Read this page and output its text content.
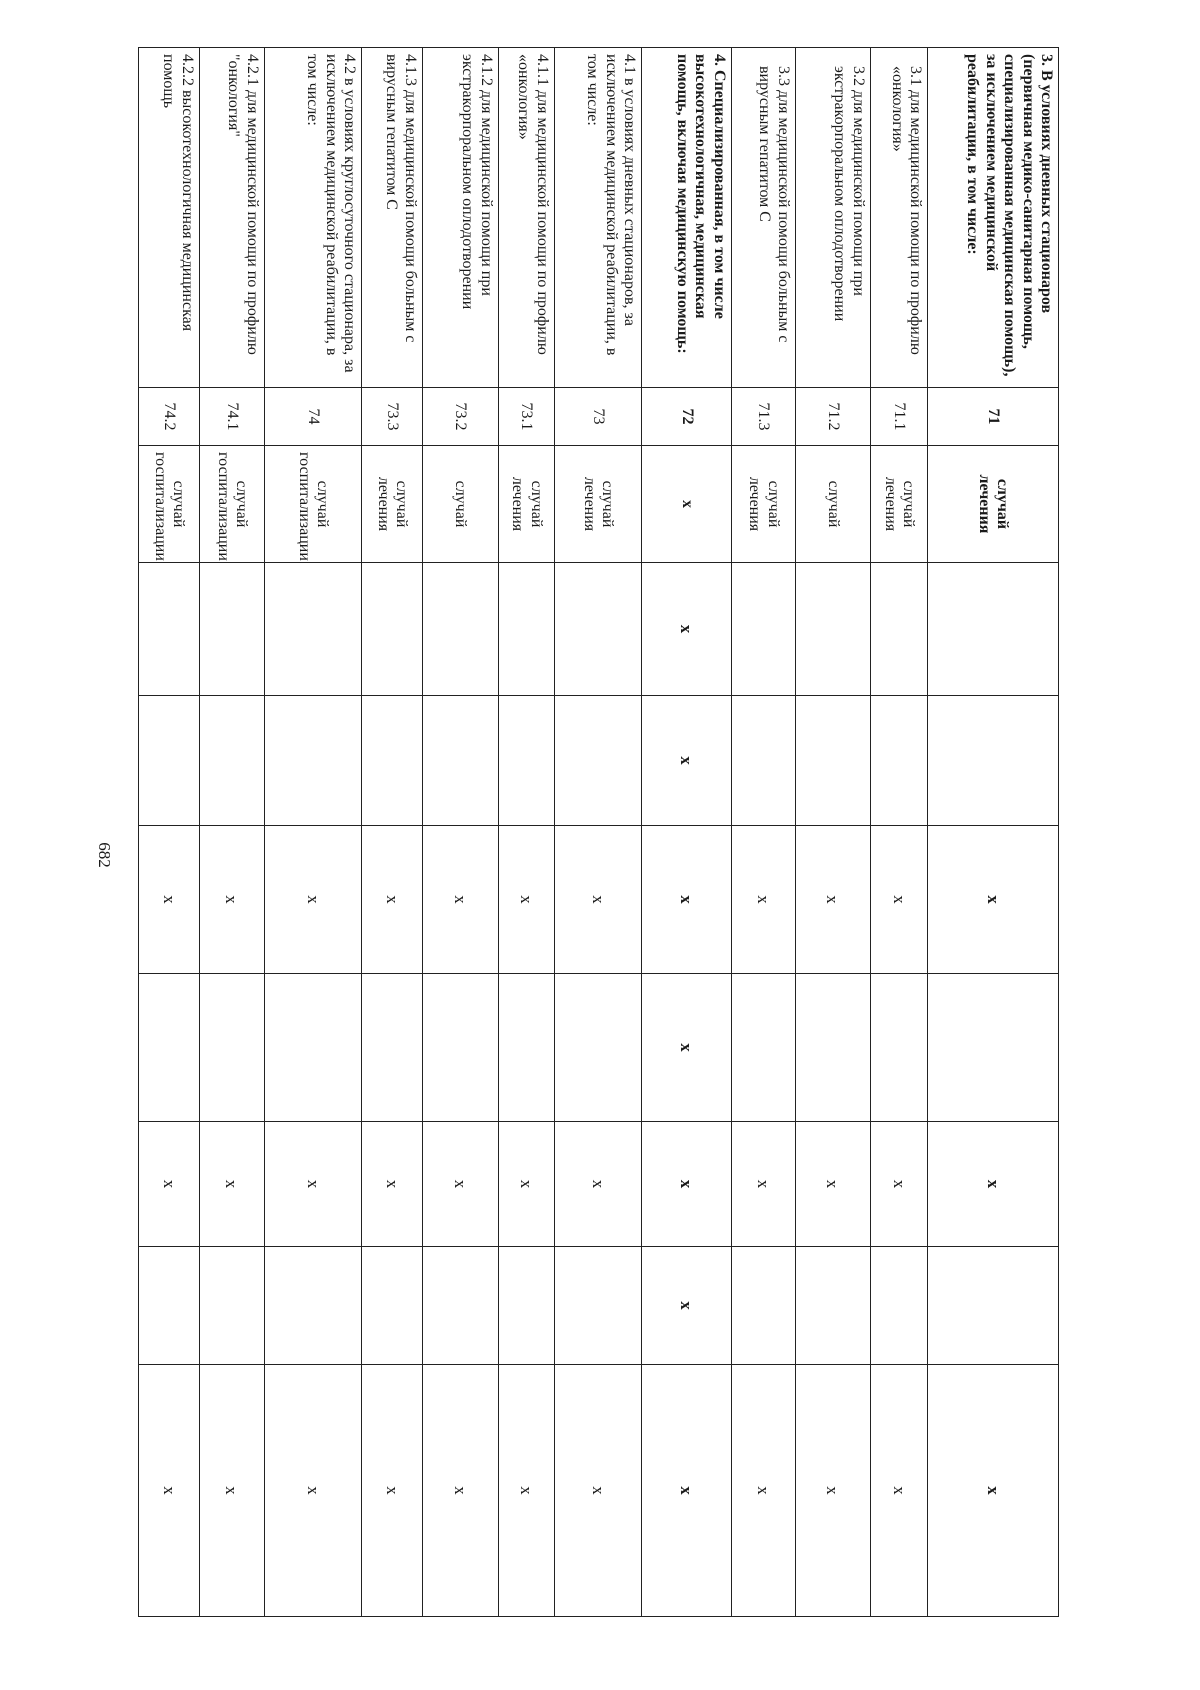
682
3. В условиях дневных стационаров (первичная медико-санитарная помощь, специализированная медицинская помощь), за исключением медицинской реабилитации, в том числе:	71	случай лечения			х		х		х
3.1 для медицинской помощи по профилю «онкология»	71.1	случай лечения			х		х		х
3.2 для медицинской помощи при экстракорпоральном оплодотворении	71.2	случай			х		х		х
3.3 для медицинской помощи больным с вирусным гепатитом С	71.3	случай лечения			х		х		х
4. Специализированная, в том числе высокотехнологичная, медицинская помощь, включая медицинскую помощь:	72	х	х	х	х	х	х	х	х
4.1 в условиях дневных стационаров, за исключением медицинской реабилитации, в том числе:	73	случай лечения			х		х		х
4.1.1 для медицинской помощи по профилю «онкология»	73.1	случай лечения			х		х		х
4.1.2 для медицинской помощи при экстракорпоральном оплодотворении	73.2	случай			х		х		х
4.1.3 для медицинской помощи больным с вирусным гепатитом С	73.3	случай лечения			х		х		х
4.2 в условиях круглосуточного стационара, за исключением медицинской реабилитации, в том числе:	74	случай госпитализации			х		х		х
4.2.1 для медицинской помощи по профилю "онкология"	74.1	случай госпитализации			х		х		х
4.2.2 высокотехнологичная медицинская помощь	74.2	случай госпитализации			х		х		х
